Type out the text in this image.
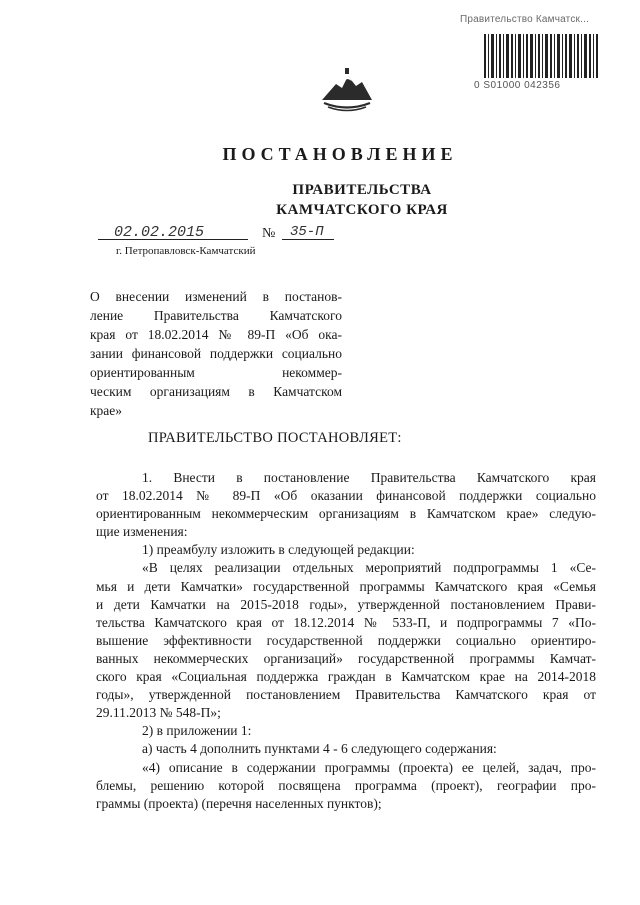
Правительство Камчатск...
0 S01000 042356
ПОСТАНОВЛЕНИЕ
ПРАВИТЕЛЬСТВА
КАМЧАТСКОГО КРАЯ
02.02.2015	№ 35-П
г. Петропавловск-Камчатский
О внесении изменений в постанов-
ление Правительства Камчатского
края от 18.02.2014 № 89-П «Об ока-
зании финансовой поддержки социально
ориентированным некоммер-
ческим организациям в Камчатском
крае»
ПРАВИТЕЛЬСТВО ПОСТАНОВЛЯЕТ:
1. Внести в постановление Правительства Камчатского края
от 18.02.2014 № 89-П «Об оказании финансовой поддержки социально
ориентированным некоммерческим организациям в Камчатском крае» следую-
щие изменения:
1) преамбулу изложить в следующей редакции:
«В целях реализации отдельных мероприятий подпрограммы 1 «Се-
мья и дети Камчатки» государственной программы Камчатского края «Семья
и дети Камчатки на 2015-2018 годы», утвержденной постановлением Прави-
тельства Камчатского края от 18.12.2014 № 533-П, и подпрограммы 7 «По-
вышение эффективности государственной поддержки социально ориентиро-
ванных некоммерческих организаций» государственной программы Камчат-
ского края «Социальная поддержка граждан в Камчатском крае на 2014-2018
годы», утвержденной постановлением Правительства Камчатского края от
29.11.2013 № 548-П»;
2) в приложении 1:
а) часть 4 дополнить пунктами 4 - 6 следующего содержания:
«4) описание в содержании программы (проекта) ее целей, задач, про-
блемы, решению которой посвящена программа (проект), географии про-
граммы (проекта) (перечня населенных пунктов);
